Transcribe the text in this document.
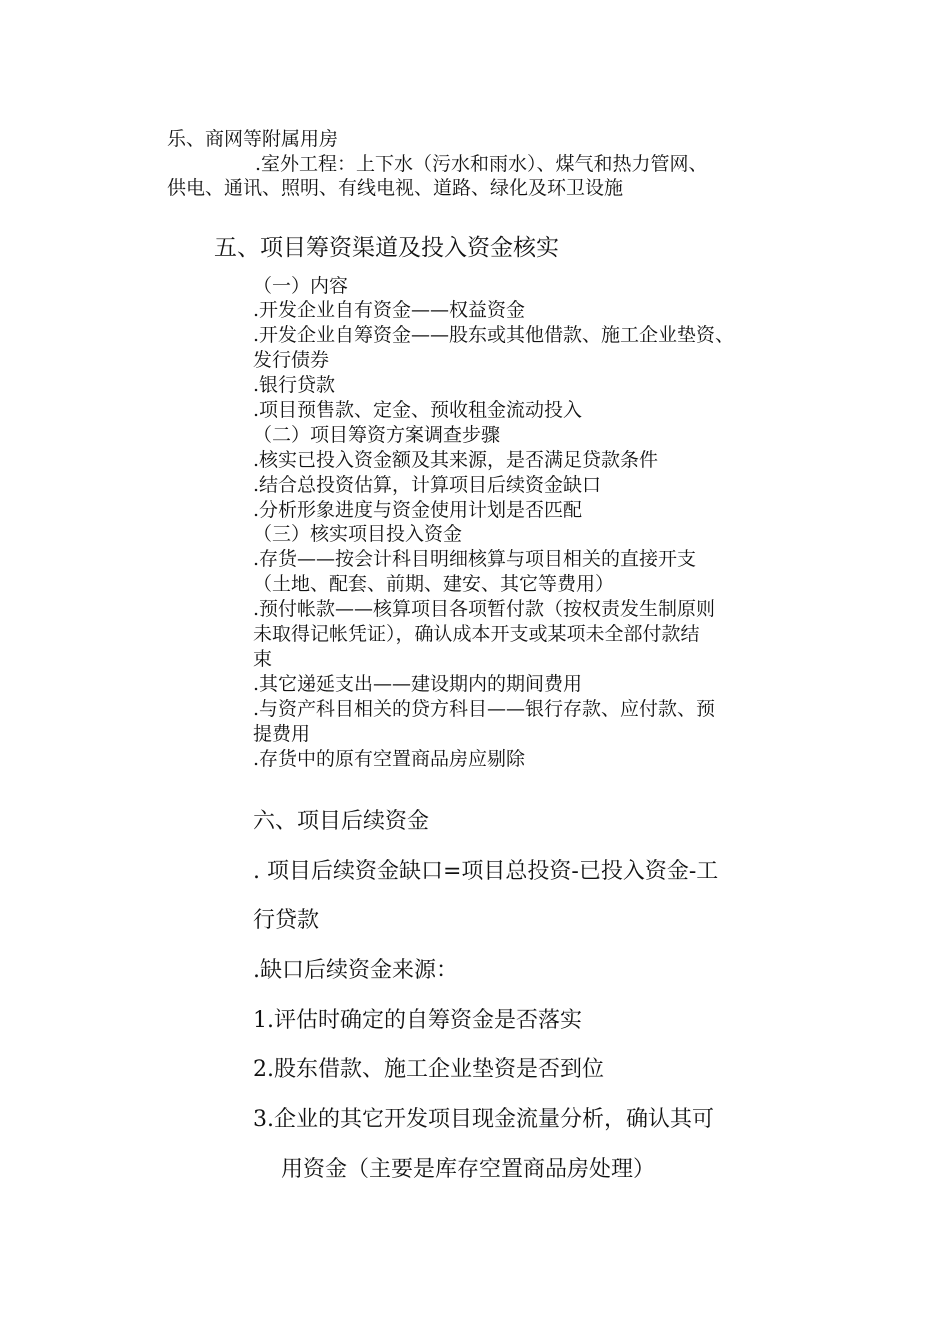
乐、商网等附属用房
.室外工程：上下水（污水和雨水）、煤气和热力管网、
供电、通讯、照明、有线电视、道路、绿化及环卫设施
五、项目筹资渠道及投入资金核实
（一）内容
.开发企业自有资金——权益资金
.开发企业自筹资金——股东或其他借款、施工企业垫资、
发行债券
.银行贷款
.项目预售款、定金、预收租金流动投入
（二）项目筹资方案调查步骤
.核实已投入资金额及其来源，是否满足贷款条件
.结合总投资估算，计算项目后续资金缺口
.分析形象进度与资金使用计划是否匹配
（三）核实项目投入资金
.存货——按会计科目明细核算与项目相关的直接开支
（土地、配套、前期、建安、其它等费用）
.预付帐款——核算项目各项暂付款（按权责发生制原则
未取得记帐凭证），确认成本开支或某项未全部付款结
束
.其它递延支出——建设期内的期间费用
.与资产科目相关的贷方科目——银行存款、应付款、预
提费用
.存货中的原有空置商品房应剔除
六、项目后续资金
. 项目后续资金缺口=项目总投资-已投入资金-工
行贷款
.缺口后续资金来源：
1.评估时确定的自筹资金是否落实
2.股东借款、施工企业垫资是否到位
3.企业的其它开发项目现金流量分析，确认其可
用资金（主要是库存空置商品房处理）
